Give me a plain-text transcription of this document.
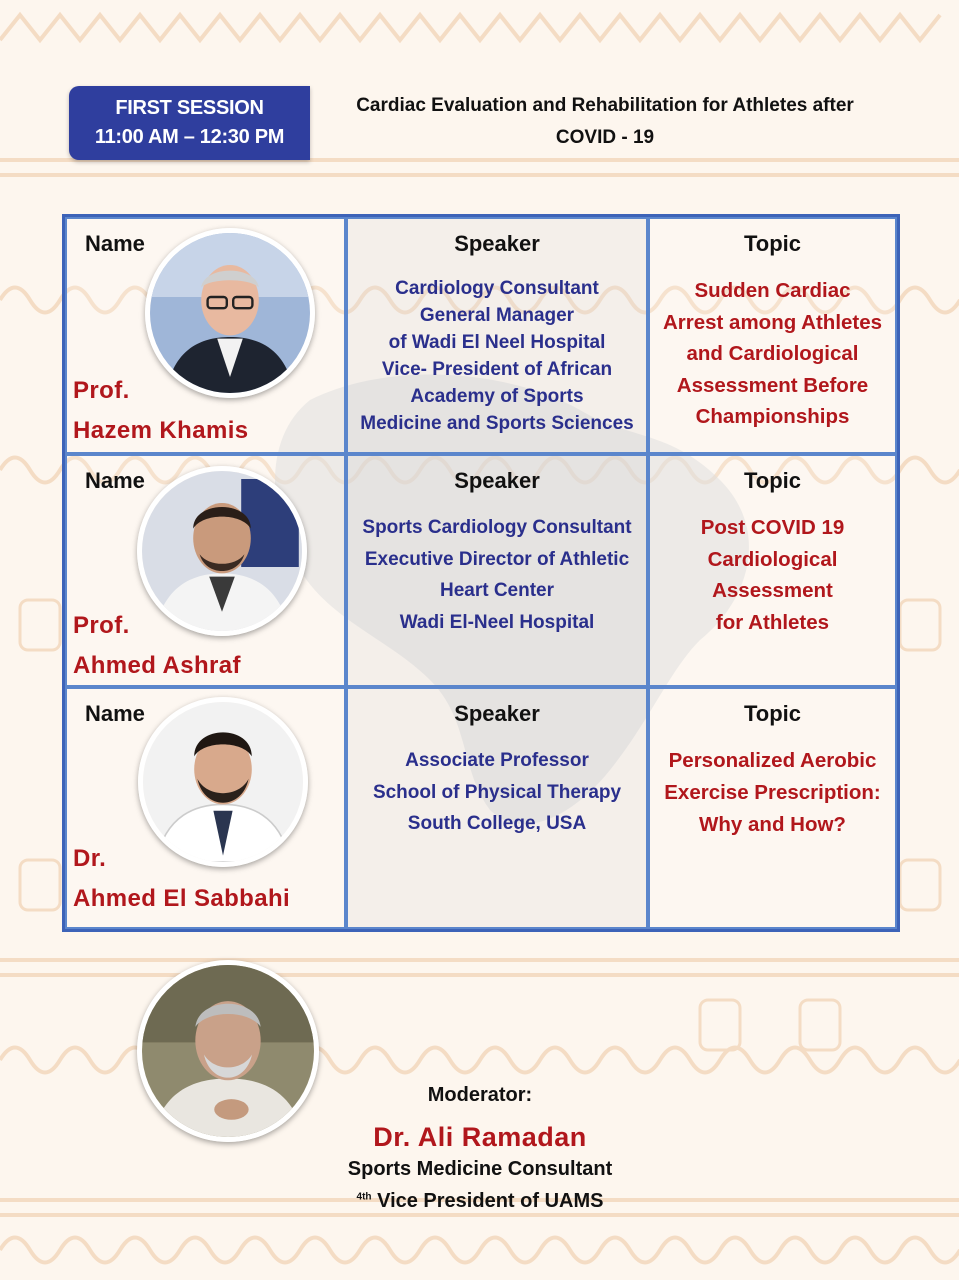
FIRST SESSION
11:00 AM – 12:30 PM
Cardiac Evaluation and Rehabilitation for Athletes after
COVID - 19
Name
Prof.
Hazem Khamis
Speaker
Cardiology Consultant
General Manager
of Wadi El Neel Hospital
Vice- President of African
Academy of Sports
Medicine and Sports Sciences
Topic
Sudden Cardiac
Arrest among Athletes
and Cardiological
Assessment Before
Championships
Name
Prof.
Ahmed Ashraf
Speaker
Sports Cardiology Consultant
Executive Director of Athletic
Heart Center
Wadi El-Neel Hospital
Topic
Post COVID 19
Cardiological
Assessment
for Athletes
Name
Dr.
Ahmed El Sabbahi
Speaker
Associate Professor
School of Physical Therapy
South College, USA
Topic
Personalized Aerobic
Exercise Prescription:
Why and How?
Moderator:
Dr. Ali Ramadan
Sports Medicine Consultant
$^{4th}$ Vice President of UAMS
